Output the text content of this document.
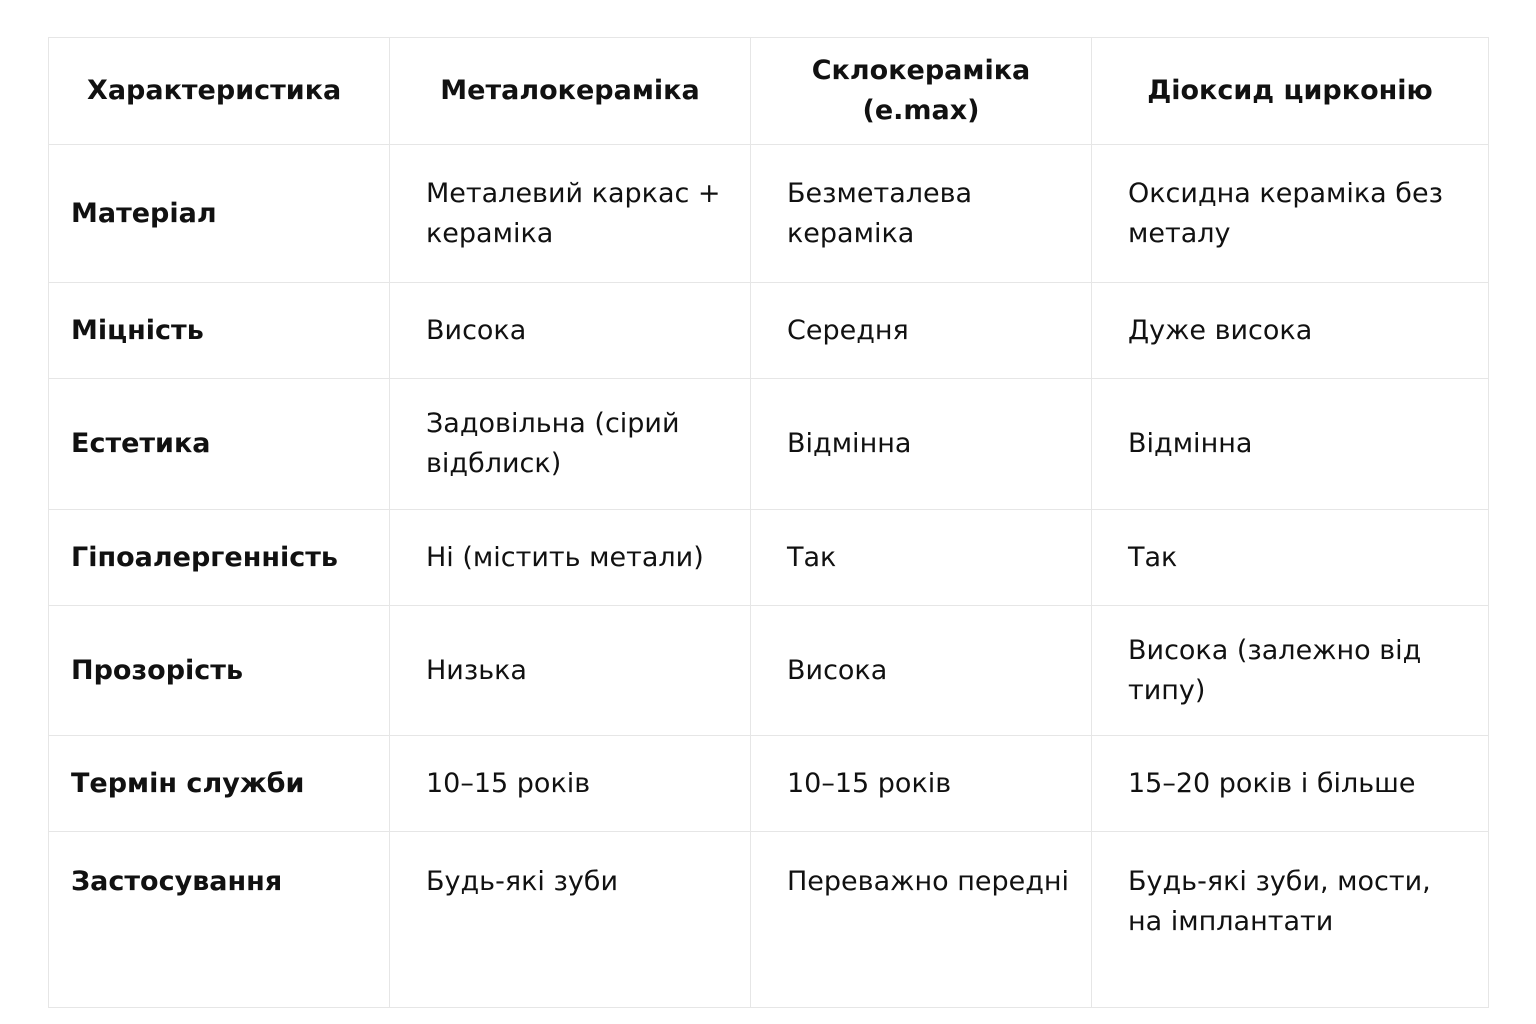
Характеристика	Металокераміка	Склокераміка (e.max)	Діоксид цирконію
Матеріал	Металевий каркас + кераміка	Безметалева кераміка	Оксидна кераміка без металу
Міцність	Висока	Середня	Дуже висока
Естетика	Задовільна (сірий відблиск)	Відмінна	Відмінна
Гіпоалергенність	Ні (містить метали)	Так	Так
Прозорість	Низька	Висока	Висока (залежно від типу)
Термін служби	10–15 років	10–15 років	15–20 років і більше
Застосування	Будь-які зуби	Переважно передні	Будь-які зуби, мости, на імплантати
